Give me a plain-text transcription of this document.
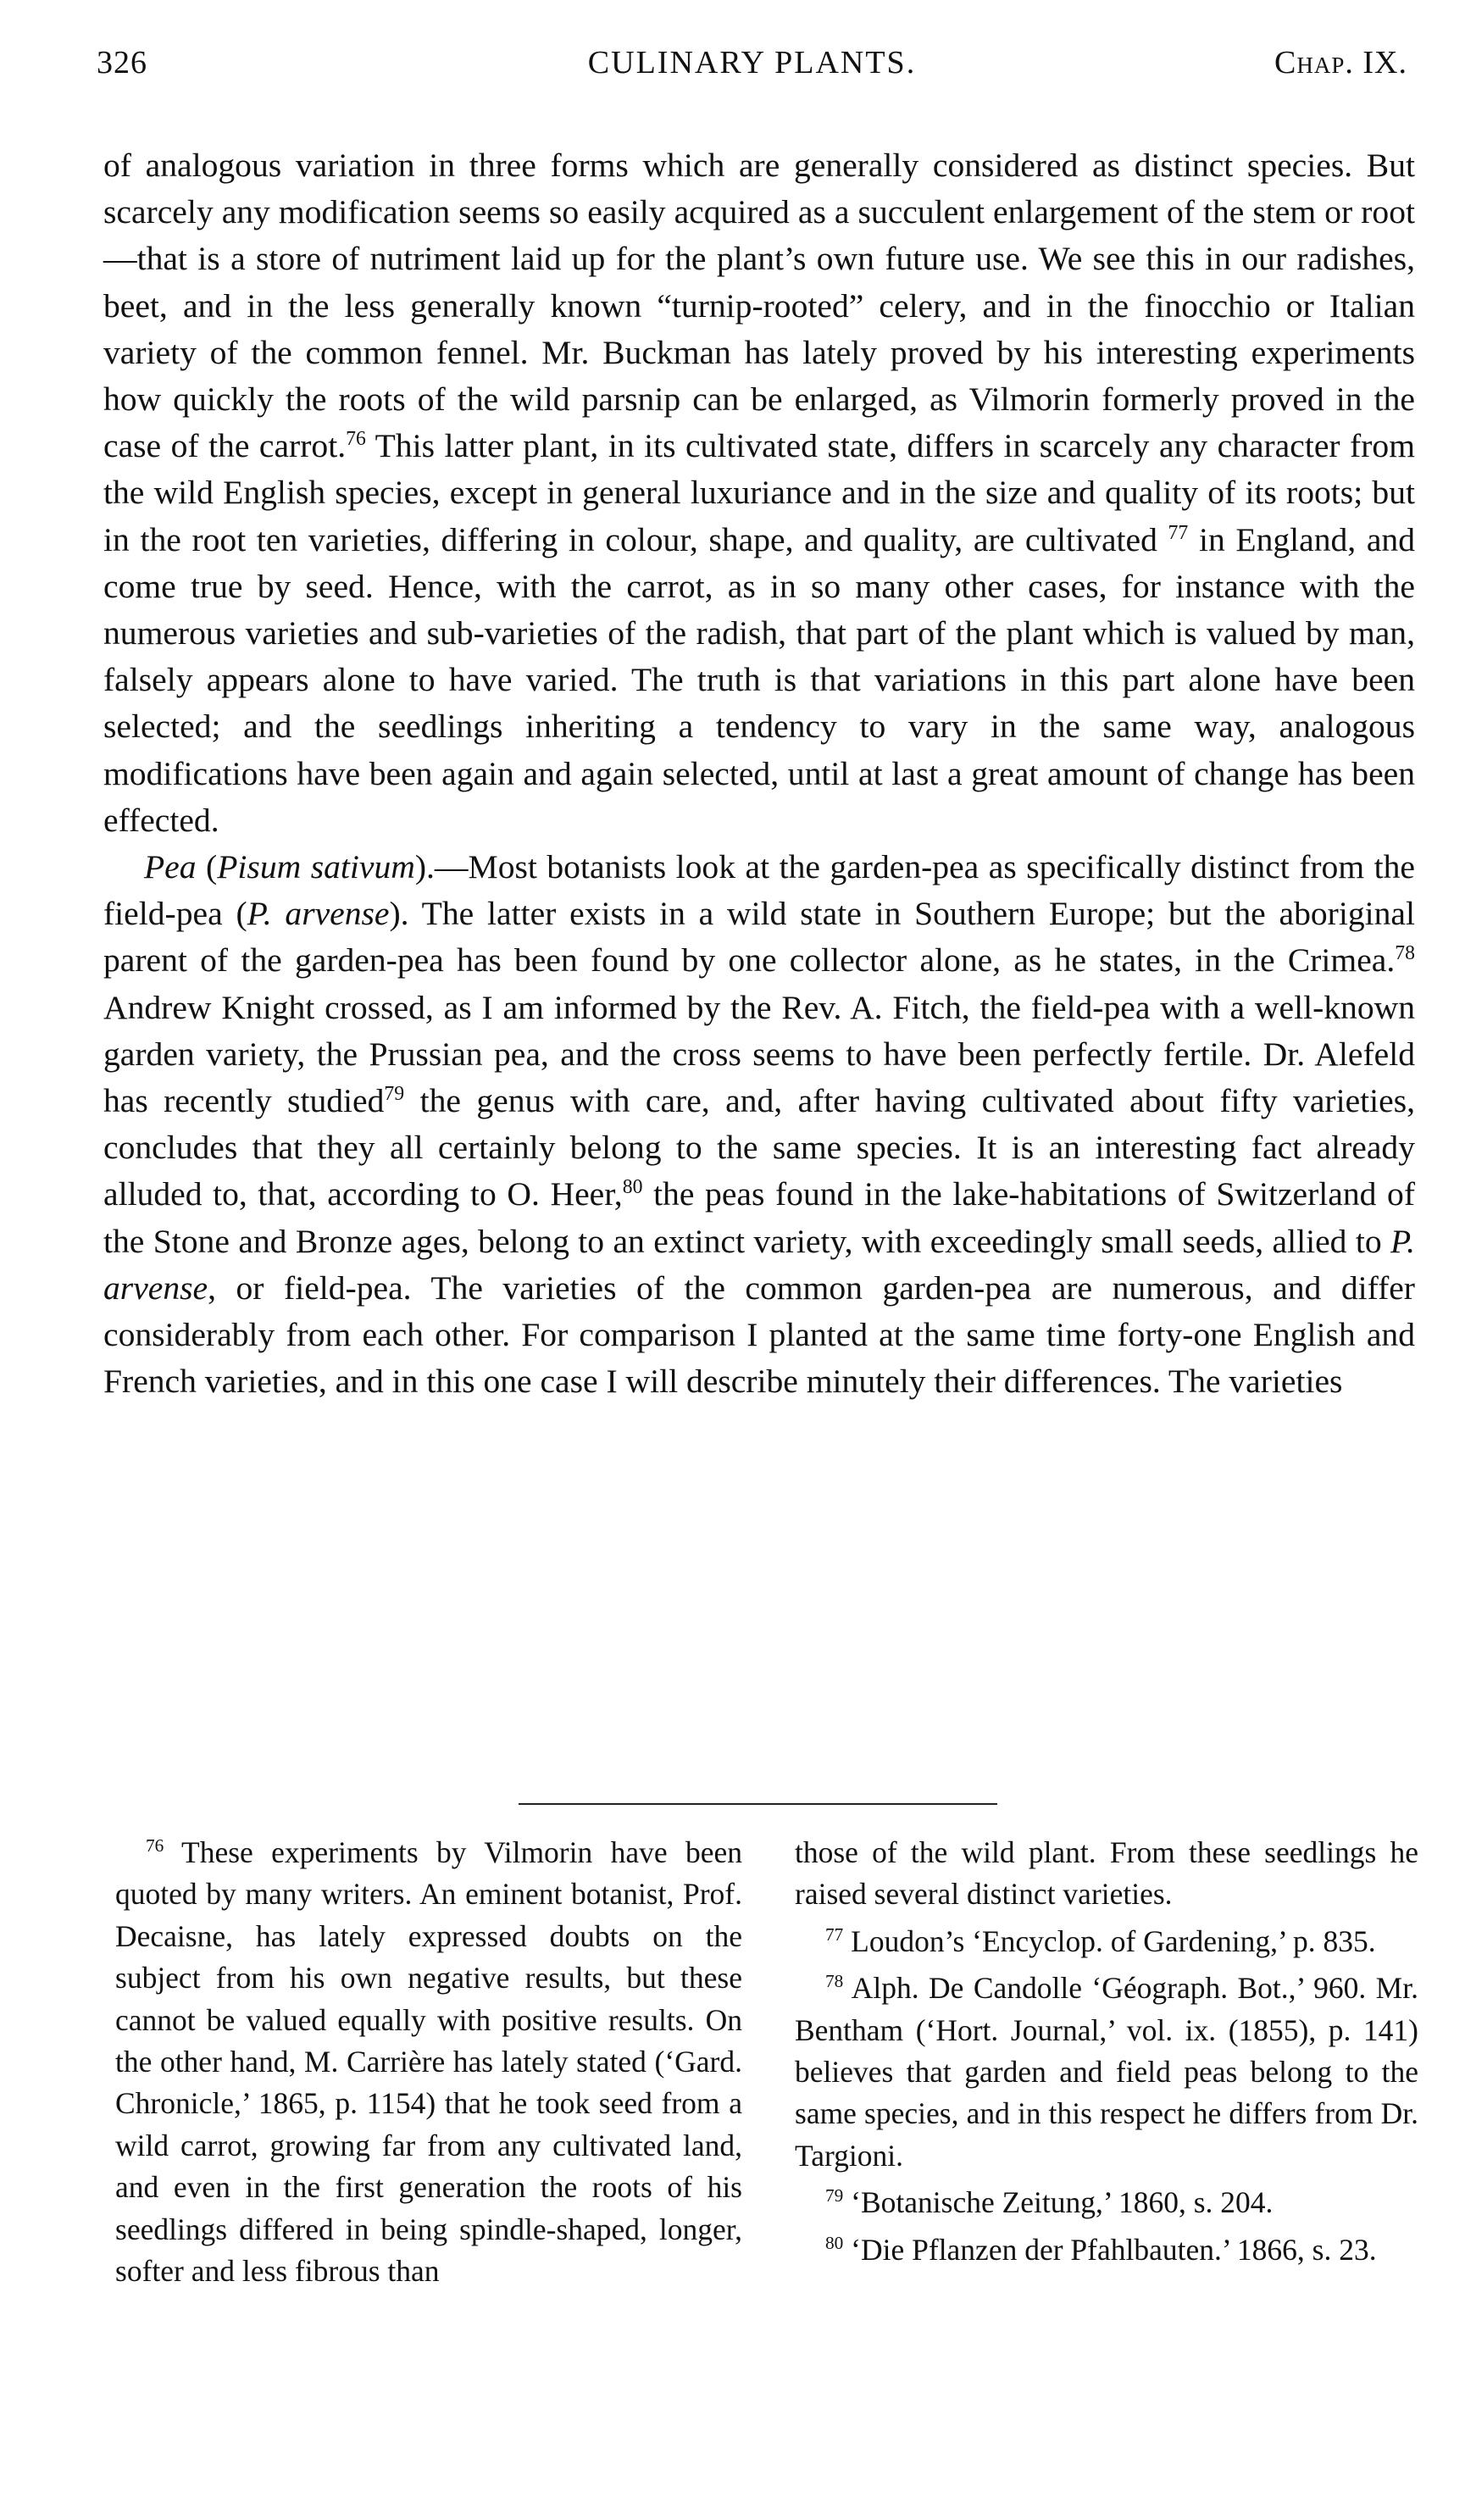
326	CULINARY PLANTS.	Chap. IX.

of analogous variation in three forms which are generally considered as distinct species. But scarcely any modification seems so easily acquired as a succulent enlargement of the stem or root—that is a store of nutriment laid up for the plant’s own future use. We see this in our radishes, beet, and in the less generally known “turnip-rooted” celery, and in the finocchio or Italian variety of the common fennel. Mr. Buckman has lately proved by his interesting experiments how quickly the roots of the wild parsnip can be enlarged, as Vilmorin formerly proved in the case of the carrot.$^{76}$ This latter plant, in its cultivated state, differs in scarcely any character from the wild English species, except in general luxuriance and in the size and quality of its roots; but in the root ten varieties, differing in colour, shape, and quality, are cultivated $^{77}$ in England, and come true by seed. Hence, with the carrot, as in so many other cases, for instance with the numerous varieties and sub-varieties of the radish, that part of the plant which is valued by man, falsely appears alone to have varied. The truth is that variations in this part alone have been selected; and the seedlings inheriting a tendency to vary in the same way, analogous modifications have been again and again selected, until at last a great amount of change has been effected.

Pea (Pisum sativum).—Most botanists look at the garden-pea as specifically distinct from the field-pea (P. arvense). The latter exists in a wild state in Southern Europe; but the aboriginal parent of the garden-pea has been found by one collector alone, as he states, in the Crimea.$^{78}$ Andrew Knight crossed, as I am informed by the Rev. A. Fitch, the field-pea with a well-known garden variety, the Prussian pea, and the cross seems to have been perfectly fertile. Dr. Alefeld has recently studied$^{79}$ the genus with care, and, after having cultivated about fifty varieties, concludes that they all certainly belong to the same species. It is an interesting fact already alluded to, that, according to O. Heer,$^{80}$ the peas found in the lake-habitations of Switzerland of the Stone and Bronze ages, belong to an extinct variety, with exceedingly small seeds, allied to P. arvense, or field-pea. The varieties of the common garden-pea are numerous, and differ considerably from each other. For comparison I planted at the same time forty-one English and French varieties, and in this one case I will describe minutely their differences. The varieties

$^{76}$ These experiments by Vilmorin have been quoted by many writers. An eminent botanist, Prof. Decaisne, has lately expressed doubts on the subject from his own negative results, but these cannot be valued equally with positive results. On the other hand, M. Carrière has lately stated (‘Gard. Chronicle,’ 1865, p. 1154) that he took seed from a wild carrot, growing far from any cultivated land, and even in the first generation the roots of his seedlings differed in being spindle-shaped, longer, softer and less fibrous than

those of the wild plant. From these seedlings he raised several distinct varieties.

$^{77}$ Loudon’s ‘Encyclop. of Gardening,’ p. 835.

$^{78}$ Alph. De Candolle ‘Géograph. Bot.,’ 960. Mr. Bentham (‘Hort. Journal,’ vol. ix. (1855), p. 141) believes that garden and field peas belong to the same species, and in this respect he differs from Dr. Targioni.

$^{79}$ ‘Botanische Zeitung,’ 1860, s. 204.

$^{80}$ ‘Die Pflanzen der Pfahlbauten.’ 1866, s. 23.
